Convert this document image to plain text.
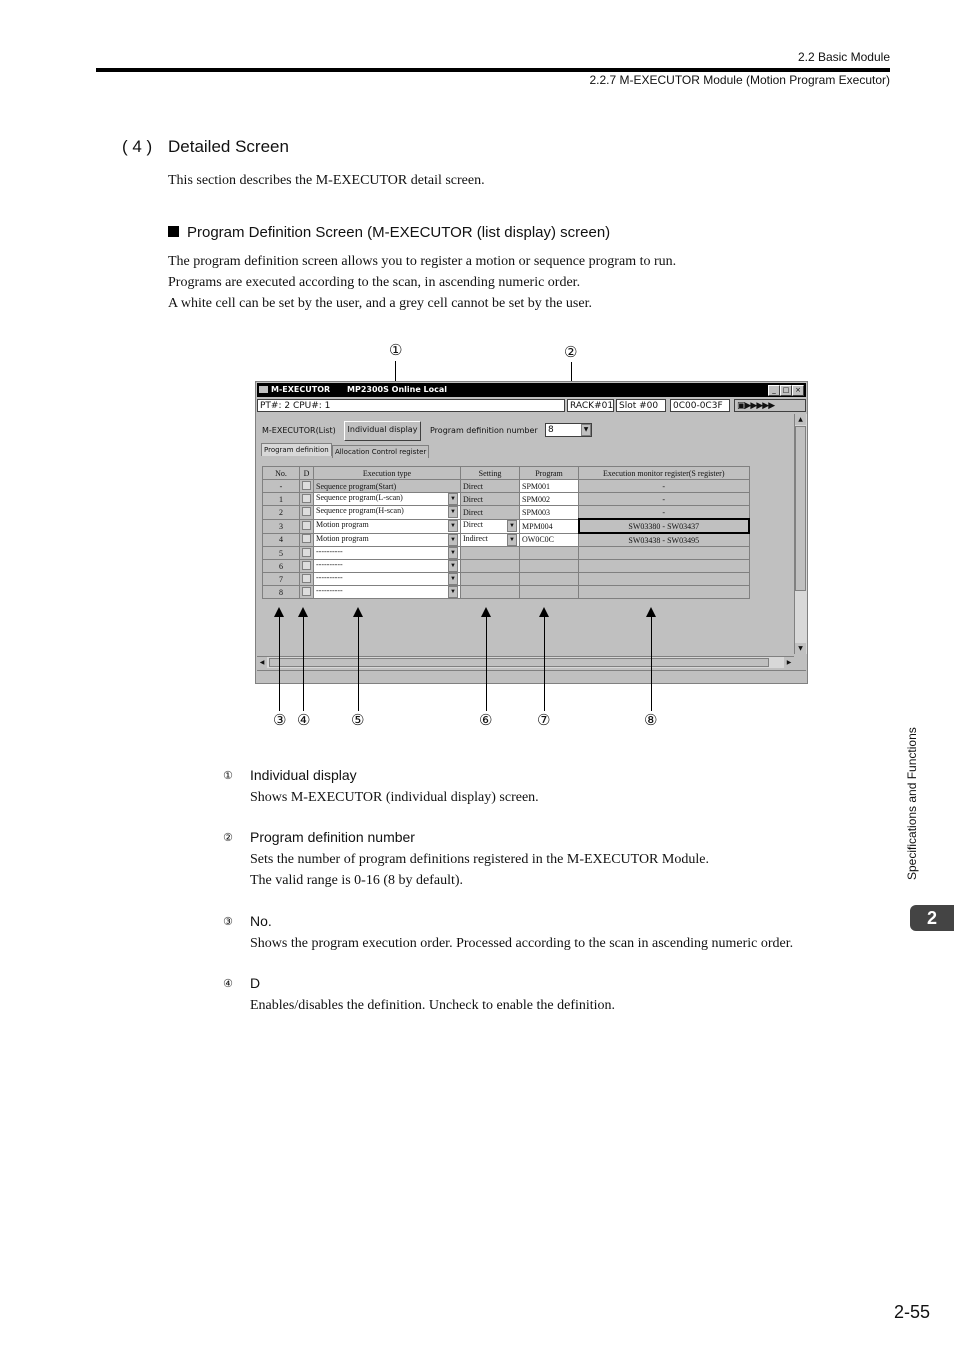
2.2 Basic Module
2.2.7 M-EXECUTOR Module (Motion Program Executor)
( 4 ) Detailed Screen
This section describes the M-EXECUTOR detail screen.
Program Definition Screen (M-EXECUTOR (list display) screen)
The program definition screen allows you to register a motion or sequence program to run.
Programs are executed according to the scan, in ascending numeric order.
A white cell can be set by the user, and a grey cell cannot be set by the user.
①	②
M-EXECUTOR MP2300S Online Local	_ □ ×
PT#: 2 CPU#: 1	RACK#01 Slot #00	0C00-0C3F	▣▶▶▶▶▶
M-EXECUTOR(List)	Individual display	Program definition number	8	▼
Program definition Allocation Control register
▲
▼
◀	▶
No.	D	Execution type	Setting	Program	Execution monitor register(S register)
-		Sequence program(Start)	Direct	SPM001	-
1		Sequence program(L-scan) ▼	Direct	SPM002	-
2		Sequence program(H-scan) ▼	Direct	SPM003	-
3		Motion program ▼	Direct ▼	MPM004	SW03380 - SW03437
4		Motion program ▼	Indirect ▼	OW0C0C	SW03438 - SW03495
5		---------- ▼			

6		---------- ▼			

7		---------- ▼			

8		---------- ▼			

③ ④	⑤	⑥	⑦	⑧
① Individual display
Shows M-EXECUTOR (individual display) screen.
② Program definition number
Sets the number of program definitions registered in the M-EXECUTOR Module.
The valid range is 0-16 (8 by default).
③ No.
Shows the program execution order. Processed according to the scan in ascending numeric order.
④ D
Enables/disables the definition. Uncheck to enable the definition.
Specifications and Functions
2
2-55
